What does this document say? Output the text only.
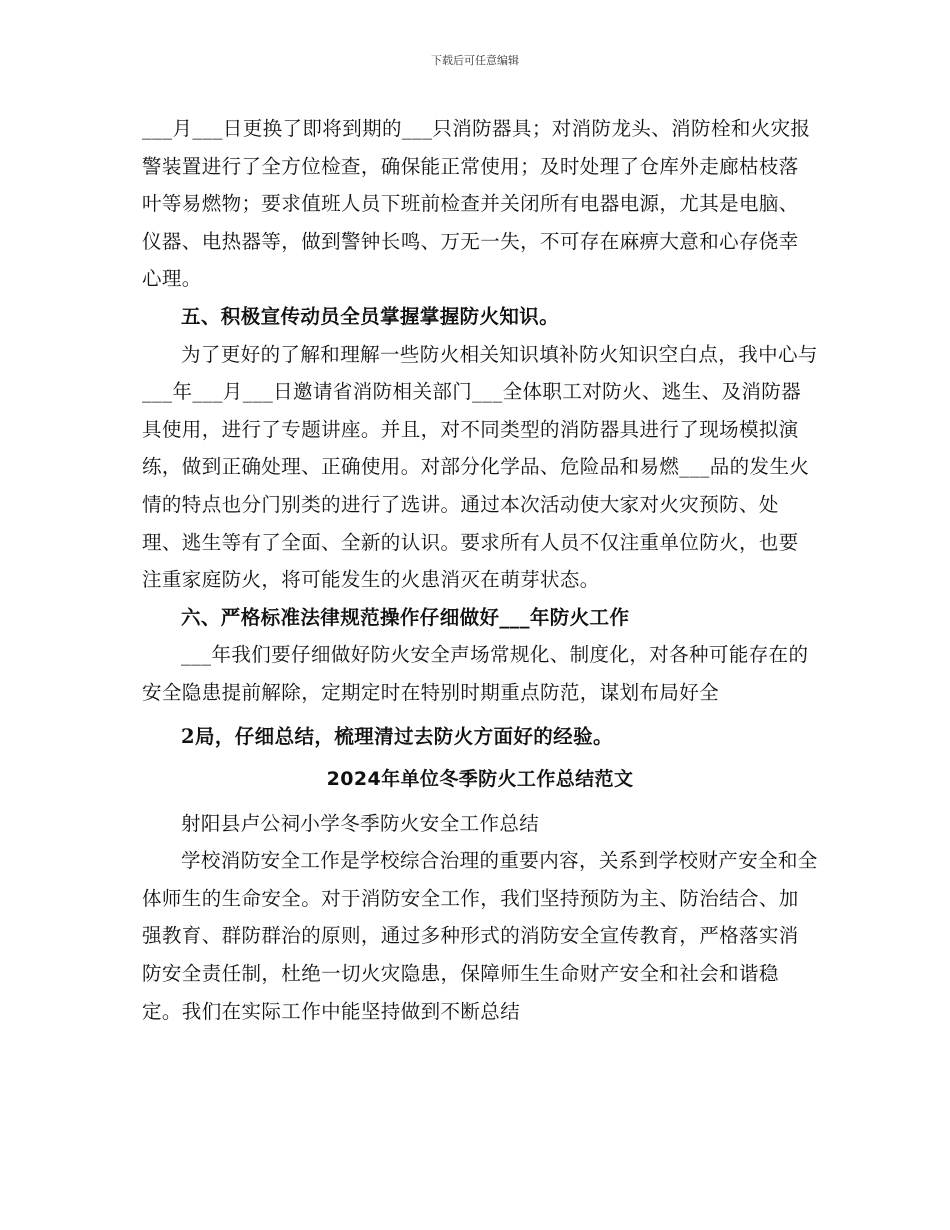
下载后可任意编辑

___月___日更换了即将到期的___只消防器具；对消防龙头、消防栓和火灾报警装置进行了全方位检查，确保能正常使用；及时处理了仓库外走廊枯枝落叶等易燃物；要求值班人员下班前检查并关闭所有电器电源，尤其是电脑、仪器、电热器等，做到警钟长鸣、万无一失，不可存在麻痹大意和心存侥幸心理。

五、积极宣传动员全员掌握掌握防火知识。

为了更好的了解和理解一些防火相关知识填补防火知识空白点，我中心与___年___月___日邀请省消防相关部门___全体职工对防火、逃生、及消防器具使用，进行了专题讲座。并且，对不同类型的消防器具进行了现场模拟演练，做到正确处理、正确使用。对部分化学品、危险品和易燃___品的发生火情的特点也分门别类的进行了选讲。通过本次活动使大家对火灾预防、处理、逃生等有了全面、全新的认识。要求所有人员不仅注重单位防火，也要注重家庭防火，将可能发生的火患消灭在萌芽状态。

六、严格标准法律规范操作仔细做好___年防火工作

___年我们要仔细做好防火安全声场常规化、制度化，对各种可能存在的安全隐患提前解除，定期定时在特别时期重点防范，谋划布局好全

2局，仔细总结，梳理清过去防火方面好的经验。

2024年单位冬季防火工作总结范文

射阳县卢公祠小学冬季防火安全工作总结

学校消防安全工作是学校综合治理的重要内容，关系到学校财产安全和全体师生的生命安全。对于消防安全工作，我们坚持预防为主、防治结合、加强教育、群防群治的原则，通过多种形式的消防安全宣传教育，严格落实消防安全责任制，杜绝一切火灾隐患，保障师生生命财产安全和社会和谐稳定。我们在实际工作中能坚持做到不断总结
